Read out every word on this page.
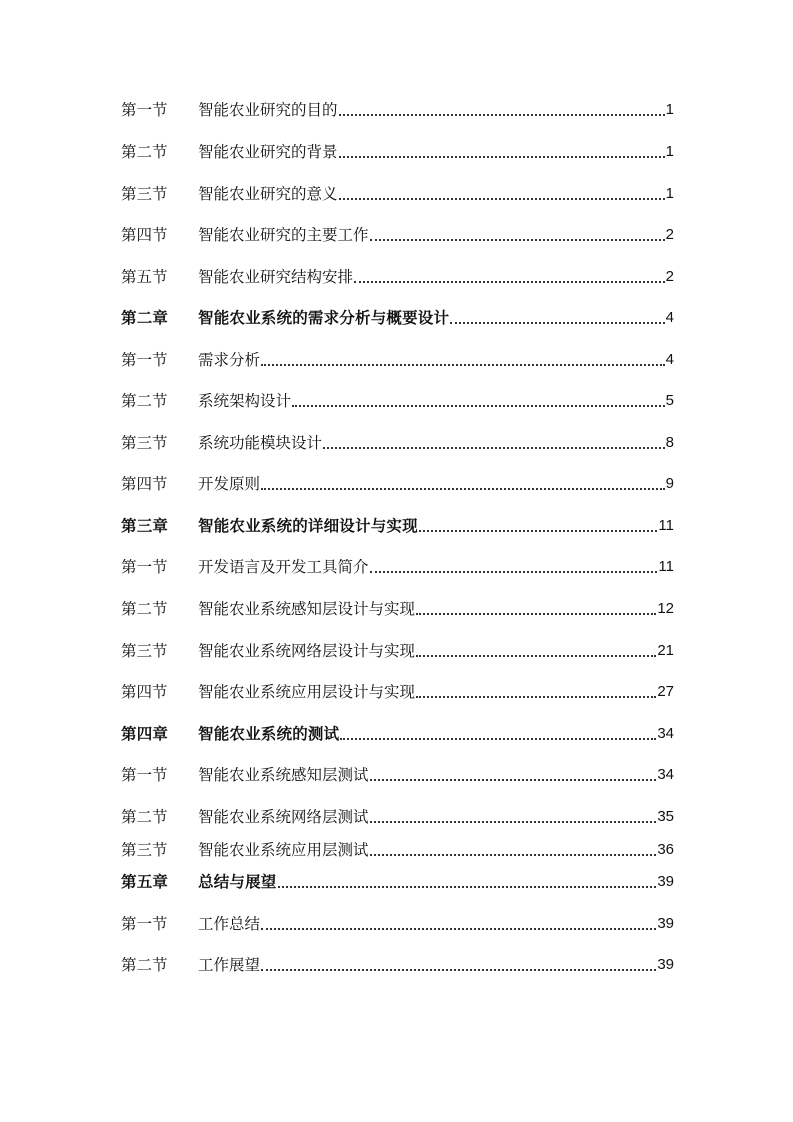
第一节	智能农业研究的目的	1
第二节	智能农业研究的背景	1
第三节	智能农业研究的意义	1
第四节	智能农业研究的主要工作	2
第五节	智能农业研究结构安排	2
第二章	智能农业系统的需求分析与概要设计	4
第一节	需求分析	4
第二节	系统架构设计	5
第三节	系统功能模块设计	8
第四节	开发原则	9
第三章	智能农业系统的详细设计与实现	11
第一节	开发语言及开发工具简介	11
第二节	智能农业系统感知层设计与实现	12
第三节	智能农业系统网络层设计与实现	21
第四节	智能农业系统应用层设计与实现	27
第四章	智能农业系统的测试	34
第一节	智能农业系统感知层测试	34
第二节	智能农业系统网络层测试	35
第三节	智能农业系统应用层测试	36
第五章	总结与展望	39
第一节	工作总结	39
第二节	工作展望	39
